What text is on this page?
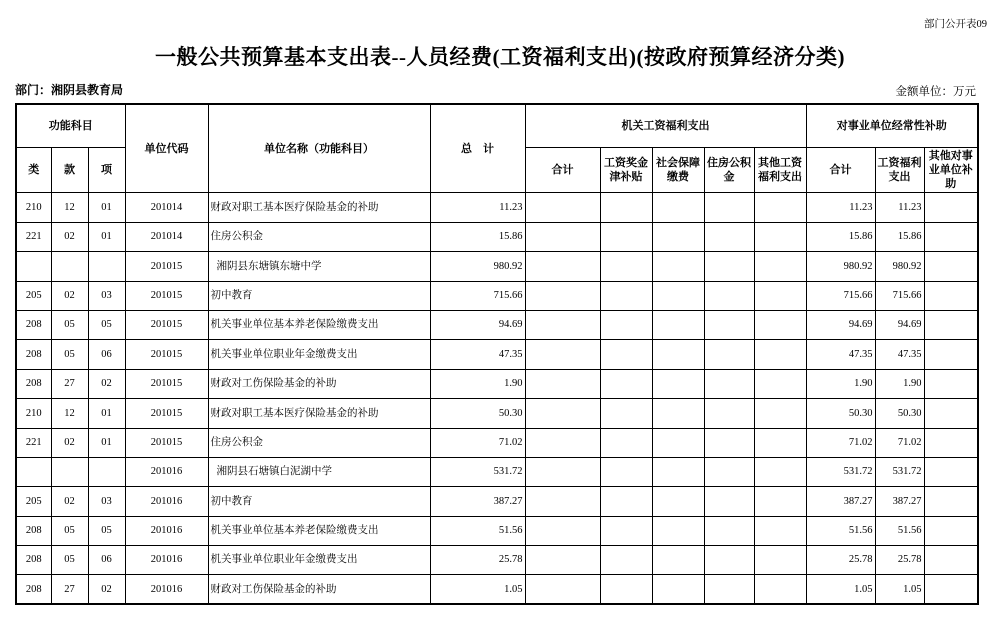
部门公开表09
一般公共预算基本支出表--人员经费(工资福利支出)(按政府预算经济分类)
部门：湘阴县教育局	金额单位：万元
功能科目			单位代码	单位名称（功能科目）	总　计	机关工资福利支出					对事业单位经常性补助		
类	款	项				合计	工资奖金津补贴	社会保障缴费	住房公积金	其他工资福利支出	合计	工资福利支出	其他对事业单位补助
210	12	01	201014	财政对职工基本医疗保险基金的补助	11.23						11.23	11.23	
221	02	01	201014	住房公积金	15.86						15.86	15.86	
			201015	湘阴县东塘镇东塘中学	980.92						980.92	980.92	
205	02	03	201015	初中教育	715.66						715.66	715.66	
208	05	05	201015	机关事业单位基本养老保险缴费支出	94.69						94.69	94.69	
208	05	06	201015	机关事业单位职业年金缴费支出	47.35						47.35	47.35	
208	27	02	201015	财政对工伤保险基金的补助	1.90						1.90	1.90	
210	12	01	201015	财政对职工基本医疗保险基金的补助	50.30						50.30	50.30	
221	02	01	201015	住房公积金	71.02						71.02	71.02	
			201016	湘阴县石塘镇白泥湖中学	531.72						531.72	531.72	
205	02	03	201016	初中教育	387.27						387.27	387.27	
208	05	05	201016	机关事业单位基本养老保险缴费支出	51.56						51.56	51.56	
208	05	06	201016	机关事业单位职业年金缴费支出	25.78						25.78	25.78	
208	27	02	201016	财政对工伤保险基金的补助	1.05						1.05	1.05	
